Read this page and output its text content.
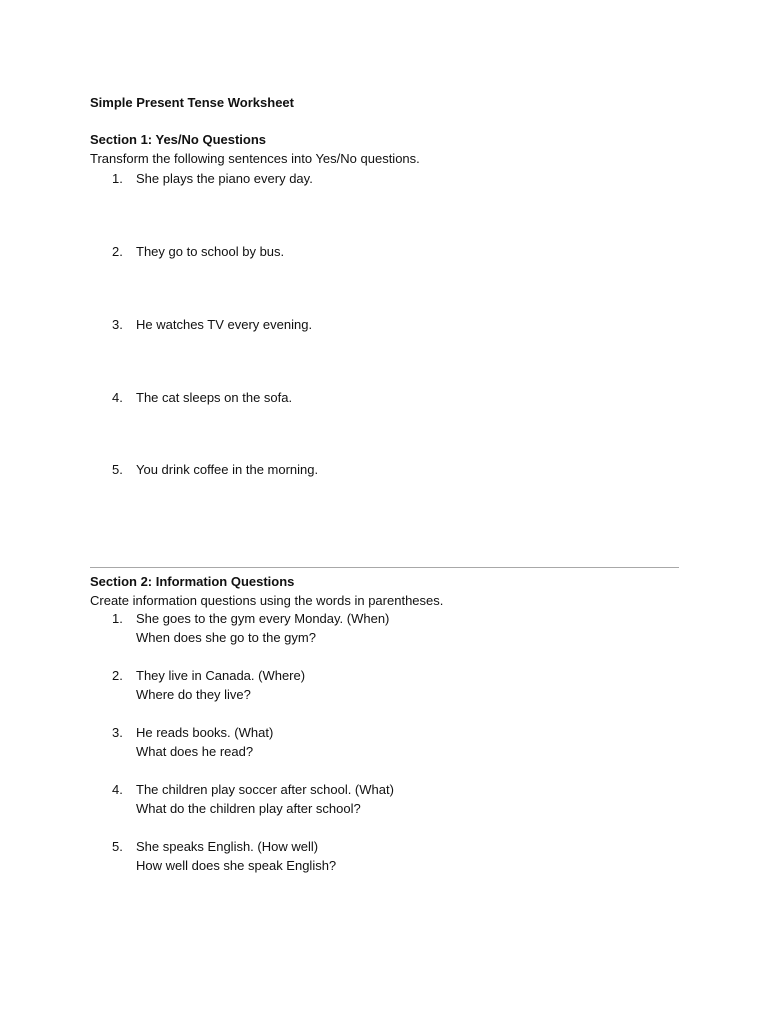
Simple Present Tense Worksheet
Section 1: Yes/No Questions
Transform the following sentences into Yes/No questions.
1.	She plays the piano every day.
2.	They go to school by bus.
3.	He watches TV every evening.
4.	The cat sleeps on the sofa.
5.	You drink coffee in the morning.
Section 2: Information Questions
Create information questions using the words in parentheses.
1.	She goes to the gym every Monday. (When)
When does she go to the gym?
2.	They live in Canada. (Where)
Where do they live?
3.	He reads books. (What)
What does he read?
4.	The children play soccer after school. (What)
What do the children play after school?
5.	She speaks English. (How well)
How well does she speak English?
